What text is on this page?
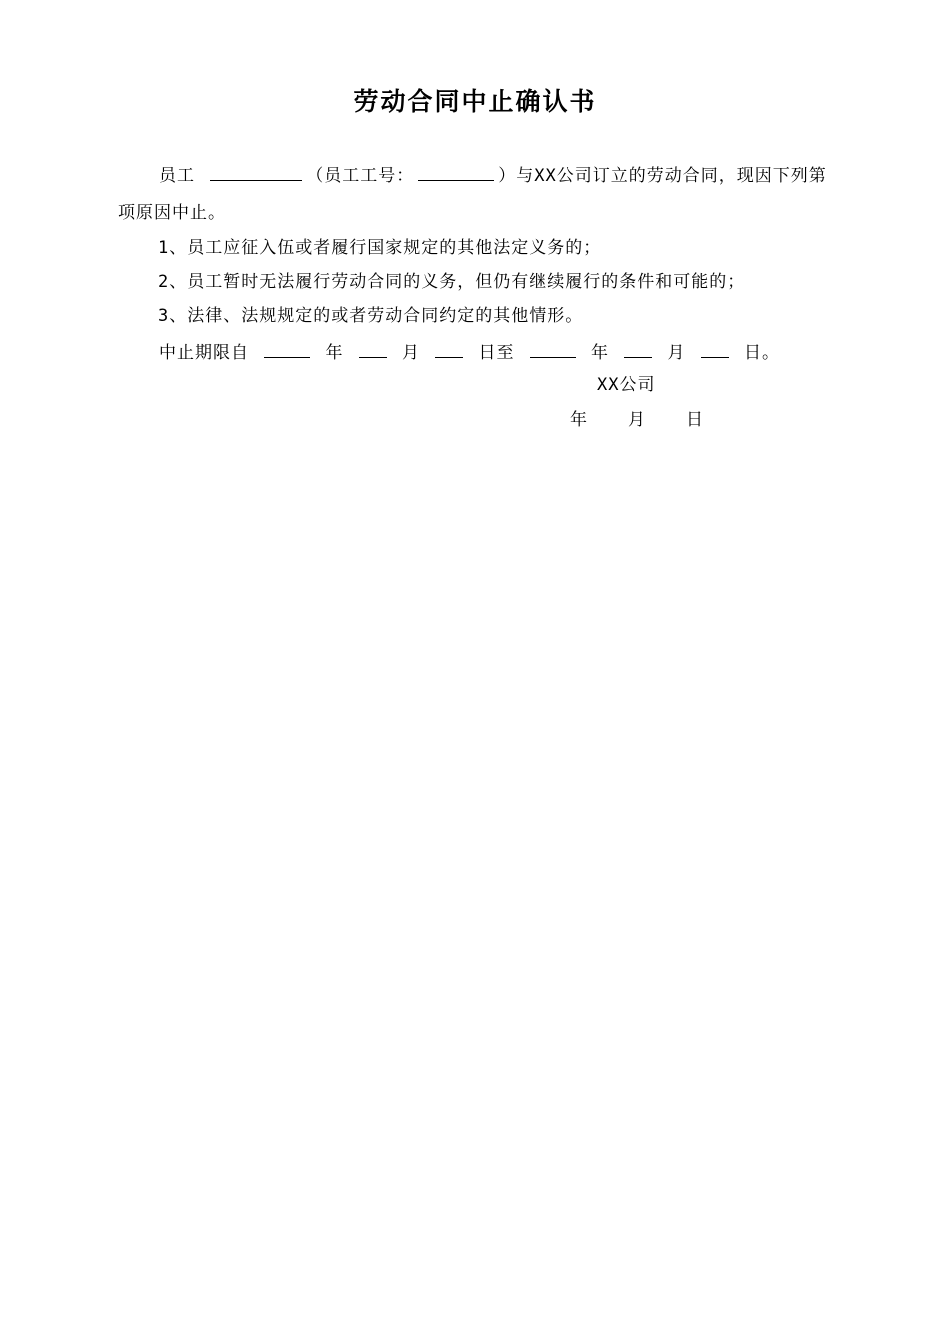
劳动合同中止确认书
员工	（员工工号：	）与XX公司订立的劳动合同，现因下列第
项原因中止。
1、员工应征入伍或者履行国家规定的其他法定义务的；
2、员工暂时无法履行劳动合同的义务，但仍有继续履行的条件和可能的；
3、法律、法规规定的或者劳动合同约定的其他情形。
中止期限自	年	月	日至	年	月	日。
XX公司
年 月 日
